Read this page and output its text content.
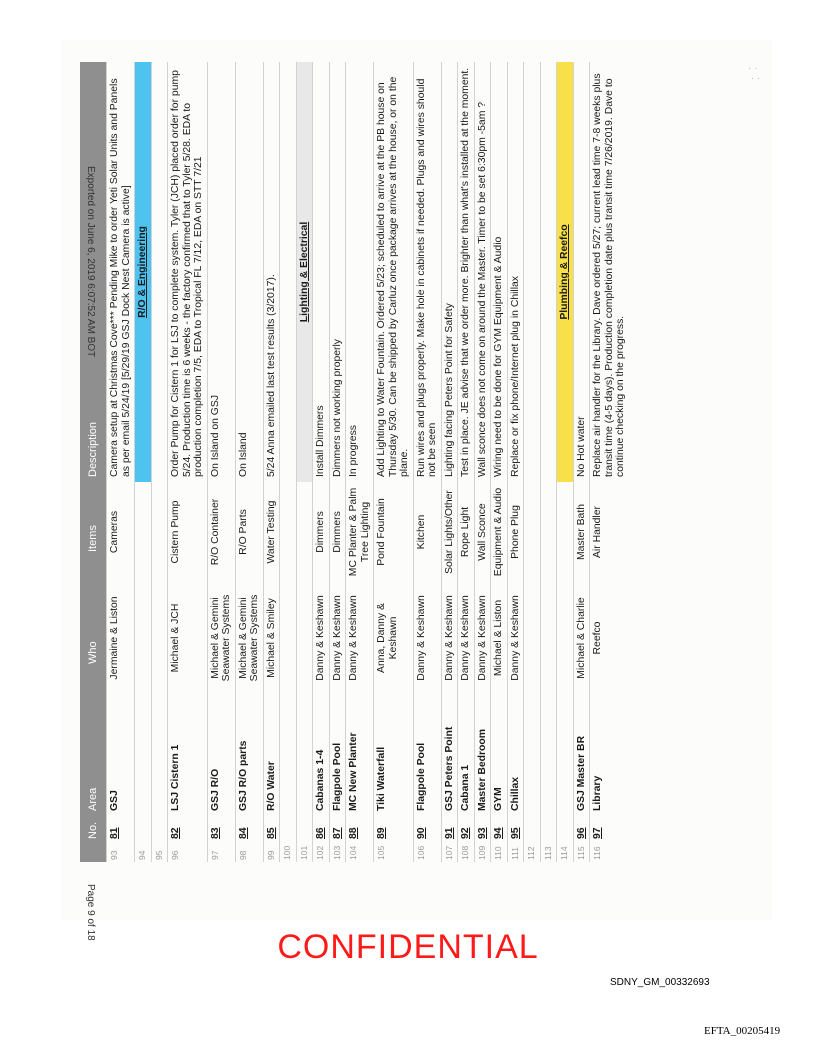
· ·
· ·
	No.	Area	Who	Items	Description
93	81	GSJ	Jermaine & Liston	Cameras	Camera setup at Christmas Cove*** Pending Mike to order Yeti Solar Units and Panels as per email 5/24/19 [5/29/19 GSJ Dock Nest Camera is active]
94					R/O & Engineering
95					
96	82	LSJ Cistern 1	Michael & JCH	Cistern Pump	Order Pump for Cistern 1 for LSJ to complete system. Tyler (JCH) placed order for pump 5/24. Production time is 6 weeks - the factory confirmed that to Tyler 5/28. EDA to production completion 7/5, EDA to Tropical FL 7/12, EDA on STT 7/21
97	83	GSJ R/O	Michael & Gemini Seawater Systems	R/O Container	On Island on GSJ
98	84	GSJ R/O parts	Michael & Gemini Seawater Systems	R/O Parts	On Island
99	85	R/O Water	Michael & Smiley	Water Testing	5/24 Anna emailed last test results (3/2017).
100					
101					Lighting & Electrical
102	86	Cabanas 1-4	Danny & Keshawn	Dimmers	Install Dimmers
103	87	Flagpole Pool	Danny & Keshawn	Dimmers	Dimmers not working properly
104	88	MC New Planter	Danny & Keshawn	MC Planter & Palm Tree Lighting	In progress
105	89	Tiki Waterfall	Anna, Danny & Keshawn	Pond Fountain	Add Lighting to Water Fountain. Ordered 5/23; scheduled to arrive at the PB house on Thursday 5/30. Can be shipped by Carluz once package arrives at the house, or on the plane.
106	90	Flagpole Pool	Danny & Keshawn	Kitchen	Run wires and plugs properly. Make hole in cabinets if needed. Plugs and wires should not be seen
107	91	GSJ Peters Point	Danny & Keshawn	Solar Lights/Other	Lighting facing Peters Point for Safety
108	92	Cabana 1	Danny & Keshawn	Rope Light	Test in place. JE advise that we order more. Brighter than what's installed at the moment.
109	93	Master Bedroom	Danny & Keshawn	Wall Sconce	Wall sconce does not come on around the Master. Timer to be set 6:30pm -5am ?
110	94	GYM	Michael & Liston	Equipment & Audio	Wiring need to be done for GYM Equipment & Audio
111	95	Chillax	Danny & Keshawn	Phone Plug	Replace or fix phone/Internet plug in Chillax
112					
113					
114					Plumbing & Reefco
115	96	GSJ Master BR	Michael & Charlie	Master Bath	No Hot water
116	97	Library	Reefco	Air Handler	Replace air handler for the Library. Dave ordered 5/27; current lead time 7-8 weeks plus transit time (4-5 days). Production completion date plus transit time 7/26/2019. Dave to continue checking on the progress.
Exported on June 6, 2019 6:07:52 AM BOT
Page 9 of 18
CONFIDENTIAL
SDNY_GM_00332693
EFTA_00205419
